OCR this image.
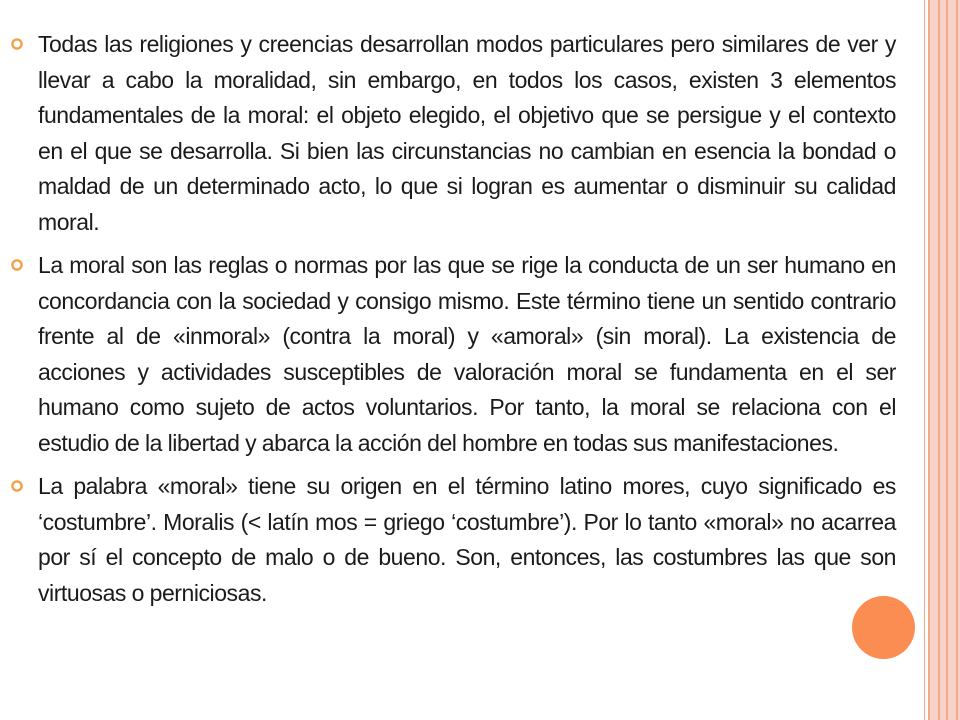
Todas las religiones y creencias desarrollan modos particulares pero similares de ver y llevar a cabo la moralidad, sin embargo, en todos los casos, existen 3 elementos fundamentales de la moral: el objeto elegido, el objetivo que se persigue y el contexto en el que se desarrolla. Si bien las circunstancias no cambian en esencia la bondad o maldad de un determinado acto, lo que si logran es aumentar o disminuir su calidad moral.

La moral son las reglas o normas por las que se rige la conducta de un ser humano en concordancia con la sociedad y consigo mismo. Este término tiene un sentido contrario frente al de «inmoral» (contra la moral) y «amoral» (sin moral). La existencia de acciones y actividades susceptibles de valoración moral se fundamenta en el ser humano como sujeto de actos voluntarios. Por tanto, la moral se relaciona con el estudio de la libertad y abarca la acción del hombre en todas sus manifestaciones.

La palabra «moral» tiene su origen en el término latino mores, cuyo significado es ‘costumbre’. Moralis (< latín mos = griego ‘costumbre’). Por lo tanto «moral» no acarrea por sí el concepto de malo o de bueno. Son, entonces, las costumbres las que son virtuosas o perniciosas.
